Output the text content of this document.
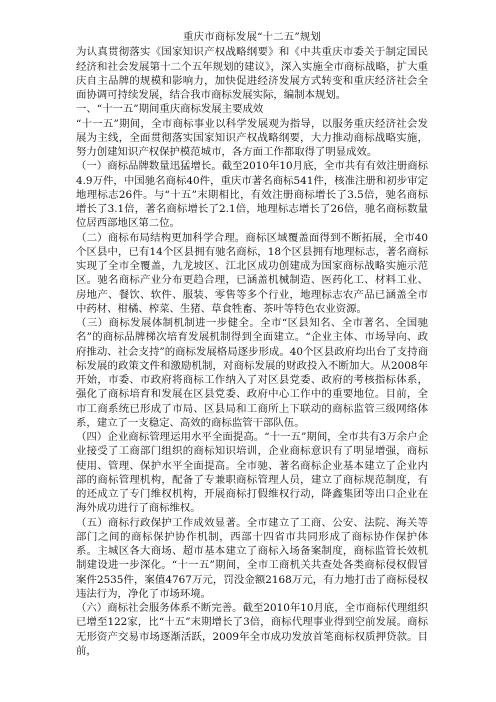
重庆市商标发展“十二五”规划

为认真贯彻落实《国家知识产权战略纲要》和《中共重庆市委关于制定国民经济和社会发展第十二个五年规划的建议》，深入实施全市商标战略，扩大重庆自主品牌的规模和影响力，加快促进经济发展方式转变和重庆经济社会全面协调可持续发展，结合我市商标发展实际，编制本规划。

一、“十一五”期间重庆商标发展主要成效

“十一五”期间，全市商标事业以科学发展观为指导，以服务重庆经济社会发展为主线，全面贯彻落实国家知识产权战略纲要，大力推动商标战略实施，努力创建知识产权保护模范城市，各方面工作都取得了明显成效。

（一）商标品牌数量迅猛增长。截至2010年10月底，全市共有有效注册商标4.9万件，中国驰名商标40件，重庆市著名商标541件，核准注册和初步审定地理标志26件。与“十五”末期相比，有效注册商标增长了3.5倍，驰名商标增长了3.1倍，著名商标增长了2.1倍，地理标志增长了26倍，驰名商标数量位居西部地区第二位。

（二）商标布局结构更加科学合理。商标区域覆盖面得到不断拓展，全市40个区县中，已有14个区县拥有驰名商标，18个区县拥有地理标志，著名商标实现了全市全覆盖，九龙坡区、江北区成功创建成为国家商标战略实施示范区。驰名商标产业分布更趋合理，已涵盖机械制造、医药化工、材料工业、房地产、餐饮、软件、服装、零售等多个行业，地理标志农产品已涵盖全市中药材、柑橘、榨菜、生猪、草食牲畜、茶叶等特色农业资源。

（三）商标发展体制机制进一步健全。全市“区县知名、全市著名、全国驰名”的商标品牌梯次培育发展机制得到全面建立。“企业主体、市场导向、政府推动、社会支持”的商标发展格局逐步形成。40个区县政府均出台了支持商标发展的政策文件和激励机制，对商标发展的财政投入不断加大。从2008年开始，市委、市政府将商标工作纳入了对区县党委、政府的考核指标体系，强化了商标培育和发展在区县党委、政府中心工作中的重要地位。目前，全市工商系统已形成了市局、区县局和工商所上下联动的商标监管三级网络体系，建立了一支稳定、高效的商标监管干部队伍。

（四）企业商标管理运用水平全面提高。“十一五”期间，全市共有3万余户企业接受了工商部门组织的商标知识培训，企业商标意识有了明显增强，商标使用、管理、保护水平全面提高。全市驰、著名商标企业基本建立了企业内部的商标管理机构，配备了专兼职商标管理人员，建立了商标规范制度，有的还成立了专门维权机构，开展商标打假维权行动，降鑫集团等出口企业在海外成功进行了商标维权。

（五）商标行政保护工作成效显著。全市建立了工商、公安、法院、海关等部门之间的商标保护协作机制，西部十四省市共同形成了商标协作保护体系。主城区各大商场、超市基本建立了商标入场备案制度，商标监管长效机制建设进一步深化。“十一五”期间，全市工商机关共查处各类商标侵权假冒案件2535件，案值4767万元，罚没金额2168万元，有力地打击了商标侵权违法行为，净化了市场环境。

（六）商标社会服务体系不断完善。截至2010年10月底，全市商标代理组织已增至122家，比“十五”末期增长了3倍，商标代理事业得到空前发展。商标无形资产交易市场逐渐活跃，2009年全市成功发放首笔商标权质押贷款。目前，
